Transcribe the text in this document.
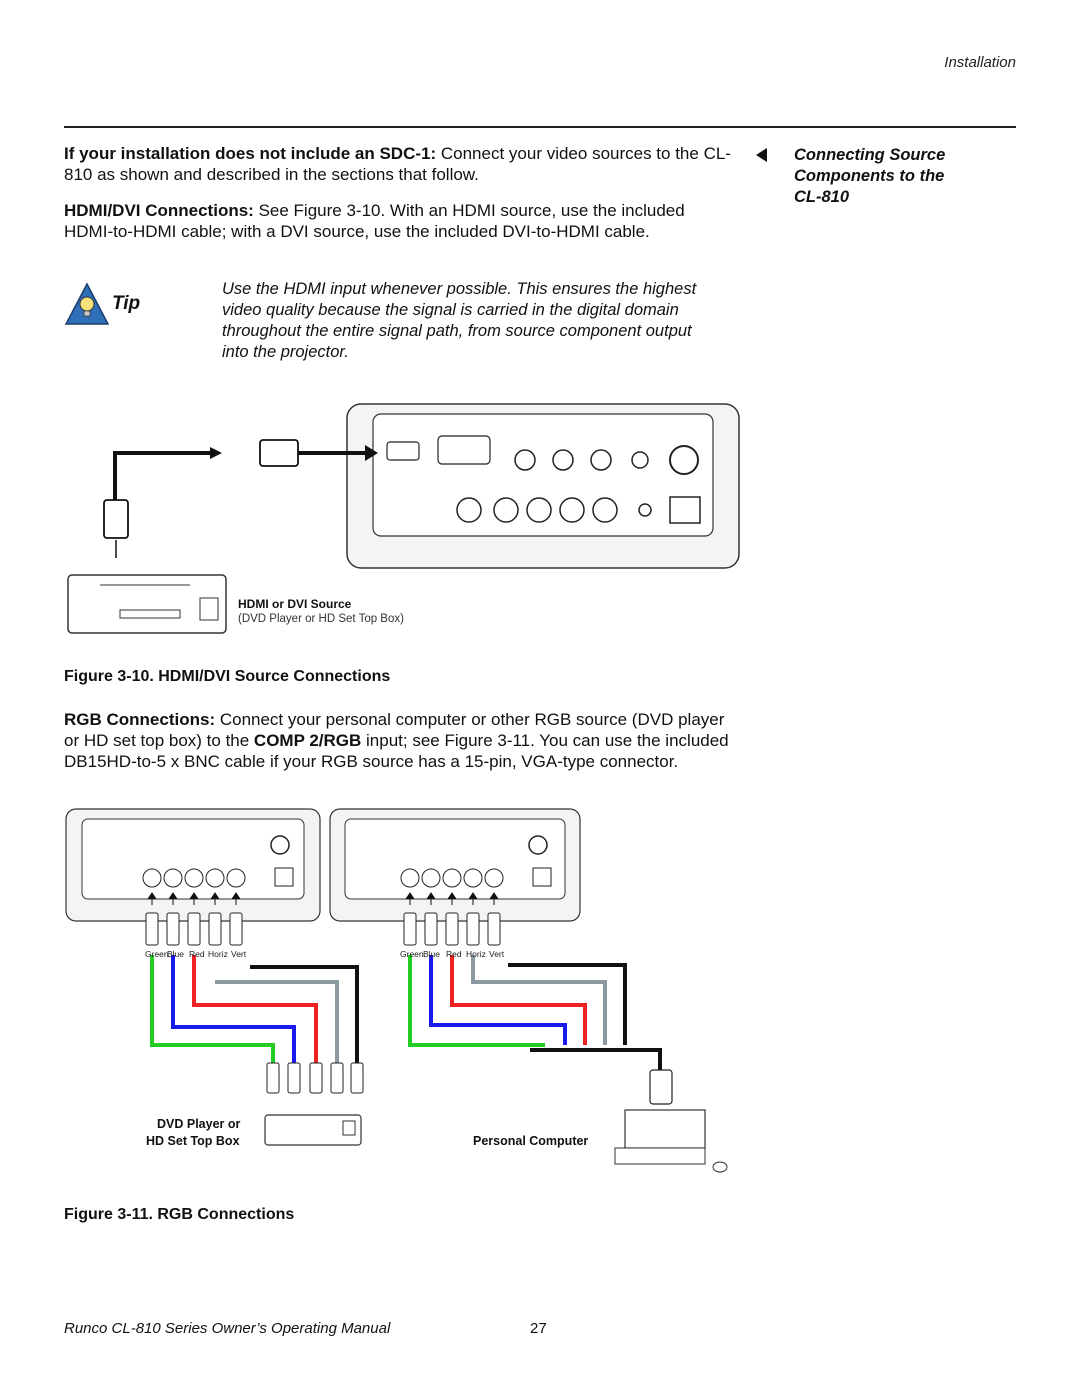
Installation
If your installation does not include an SDC-1: Connect your video sources to the CL-810 as shown and described in the sections that follow.
HDMI/DVI Connections: See Figure 3-10. With an HDMI source, use the included HDMI-to-HDMI cable; with a DVI source, use the included DVI-to-HDMI cable.
Connecting Source
Components to the
CL-810
Tip
Use the HDMI input whenever possible. This ensures the highest video quality because the signal is carried in the digital domain throughout the entire signal path, from source component output into the projector.
HDMI or DVI Source
(DVD Player or HD Set Top Box)
Figure 3-10. HDMI/DVI Source Connections
RGB Connections: Connect your personal computer or other RGB source (DVD player or HD set top box) to the COMP 2/RGB input; see Figure 3-11. You can use the included DB15HD-to-5 x BNC cable if your RGB source has a 15-pin, VGA-type connector.
Green
Blue Red Horiz Vert	Green Blue Red Horiz Vert
DVD Player or
HD Set Top Box	Personal Computer
Figure 3-11. RGB Connections
Runco CL-810 Series Owner’s Operating Manual	27
